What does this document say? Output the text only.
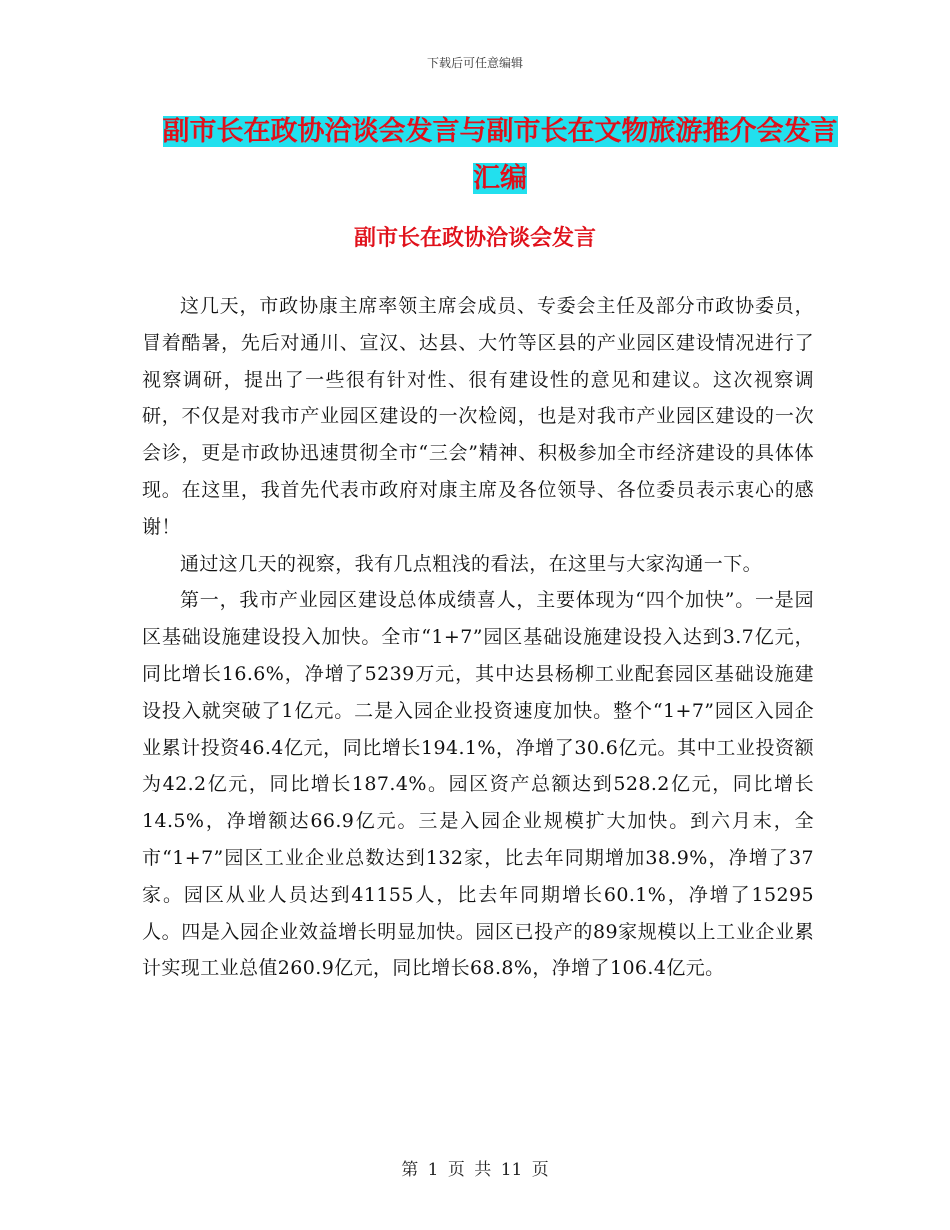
下载后可任意编辑
副市长在政协洽谈会发言与副市长在文物旅游推介会发言汇编
副市长在政协洽谈会发言

这几天，市政协康主席率领主席会成员、专委会主任及部分市政协委员，冒着酷暑，先后对通川、宣汉、达县、大竹等区县的产业园区建设情况进行了视察调研，提出了一些很有针对性、很有建设性的意见和建议。这次视察调研，不仅是对我市产业园区建设的一次检阅，也是对我市产业园区建设的一次会诊，更是市政协迅速贯彻全市“三会”精神、积极参加全市经济建设的具体体现。在这里，我首先代表市政府对康主席及各位领导、各位委员表示衷心的感谢！

通过这几天的视察，我有几点粗浅的看法，在这里与大家沟通一下。

第一，我市产业园区建设总体成绩喜人，主要体现为“四个加快”。一是园区基础设施建设投入加快。全市“1+7”园区基础设施建设投入达到3.7亿元，同比增长16.6%，净增了5239万元，其中达县杨柳工业配套园区基础设施建设投入就突破了1亿元。二是入园企业投资速度加快。整个“1+7”园区入园企业累计投资46.4亿元，同比增长194.1%，净增了30.6亿元。其中工业投资额为42.2亿元，同比增长187.4%。园区资产总额达到528.2亿元，同比增长14.5%，净增额达66.9亿元。三是入园企业规模扩大加快。到六月末，全市“1+7”园区工业企业总数达到132家，比去年同期增加38.9%，净增了37家。园区从业人员达到41155人，比去年同期增长60.1%，净增了15295人。四是入园企业效益增长明显加快。园区已投产的89家规模以上工业企业累计实现工业总值260.9亿元，同比增长68.8%，净增了106.4亿元。

第 1 页 共 11 页
